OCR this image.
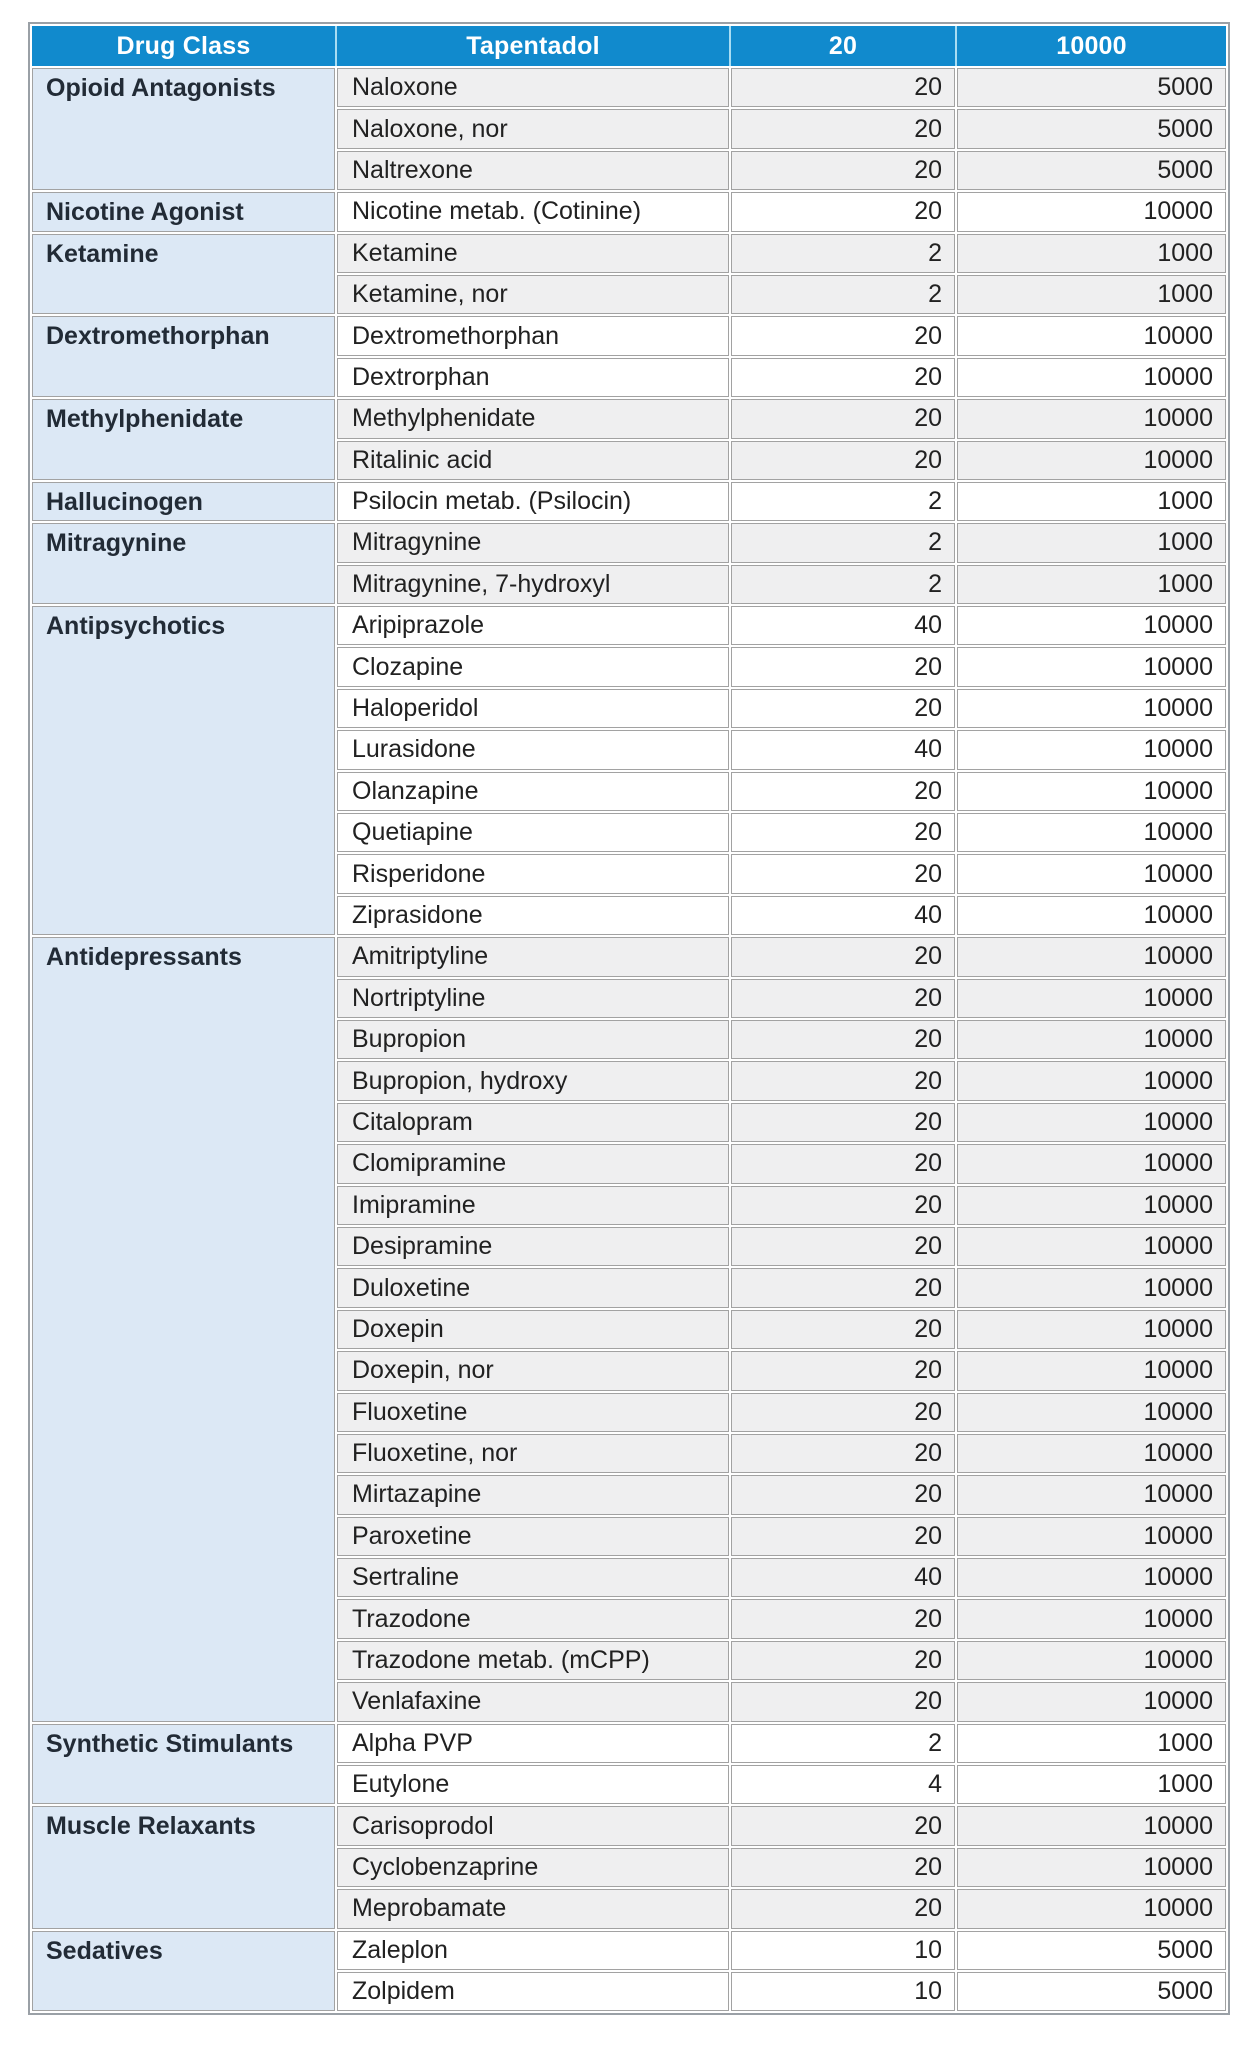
Drug Class	Tapentadol	20	10000
Opioid Antagonists	Naloxone	20	5000
Naloxone, nor	20	5000
Naltrexone	20	5000
Nicotine Agonist	Nicotine metab. (Cotinine)	20	10000
Ketamine	Ketamine	2	1000
Ketamine, nor	2	1000
Dextromethorphan	Dextromethorphan	20	10000
Dextrorphan	20	10000
Methylphenidate	Methylphenidate	20	10000
Ritalinic acid	20	10000
Hallucinogen	Psilocin metab. (Psilocin)	2	1000
Mitragynine	Mitragynine	2	1000
Mitragynine, 7-hydroxyl	2	1000
Antipsychotics	Aripiprazole	40	10000
Clozapine	20	10000
Haloperidol	20	10000
Lurasidone	40	10000
Olanzapine	20	10000
Quetiapine	20	10000
Risperidone	20	10000
Ziprasidone	40	10000
Antidepressants	Amitriptyline	20	10000
Nortriptyline	20	10000
Bupropion	20	10000
Bupropion, hydroxy	20	10000
Citalopram	20	10000
Clomipramine	20	10000
Imipramine	20	10000
Desipramine	20	10000
Duloxetine	20	10000
Doxepin	20	10000
Doxepin, nor	20	10000
Fluoxetine	20	10000
Fluoxetine, nor	20	10000
Mirtazapine	20	10000
Paroxetine	20	10000
Sertraline	40	10000
Trazodone	20	10000
Trazodone metab. (mCPP)	20	10000
Venlafaxine	20	10000
Synthetic Stimulants	Alpha PVP	2	1000
Eutylone	4	1000
Muscle Relaxants	Carisoprodol	20	10000
Cyclobenzaprine	20	10000
Meprobamate	20	10000
Sedatives	Zaleplon	10	5000
Zolpidem	10	5000
